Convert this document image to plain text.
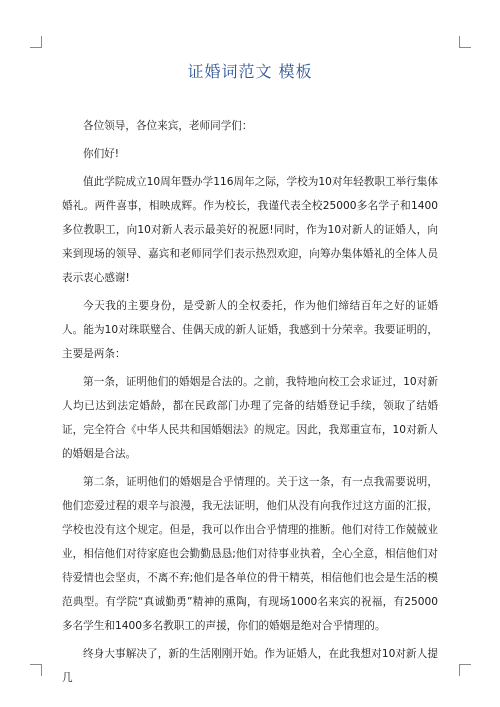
证婚词范文 模板

各位领导，各位来宾，老师同学们：

你们好!

值此学院成立10周年暨办学116周年之际，学校为10对年轻教职工举行集体婚礼。两件喜事，相映成辉。作为校长，我谨代表全校25000多名学子和1400多位教职工，向10对新人表示最美好的祝愿!同时，作为10对新人的证婚人，向来到现场的领导、嘉宾和老师同学们表示热烈欢迎，向筹办集体婚礼的全体人员表示衷心感谢!

今天我的主要身份，是受新人的全权委托，作为他们缔结百年之好的证婚人。能为10对珠联璧合、佳偶天成的新人证婚，我感到十分荣幸。我要证明的，主要是两条：

第一条，证明他们的婚姻是合法的。之前，我特地向校工会求证过，10对新人均已达到法定婚龄，都在民政部门办理了完备的结婚登记手续，领取了结婚证，完全符合《中华人民共和国婚姻法》的规定。因此，我郑重宣布，10对新人的婚姻是合法。

第二条，证明他们的婚姻是合乎情理的。关于这一条，有一点我需要说明，他们恋爱过程的艰辛与浪漫，我无法证明，他们从没有向我作过这方面的汇报，学校也没有这个规定。但是，我可以作出合乎情理的推断。他们对待工作兢兢业业，相信他们对待家庭也会勤勤恳恳;他们对待事业执着，全心全意，相信他们对待爱情也会坚贞，不离不弃;他们是各单位的骨干精英，相信他们也会是生活的模范典型。有学院“真诚勤勇”精神的熏陶，有现场1000名来宾的祝福，有25000多名学生和1400多名教职工的声援，你们的婚姻是绝对合乎情理的。

终身大事解决了，新的生活刚刚开始。作为证婚人，在此我想对10对新人提几
